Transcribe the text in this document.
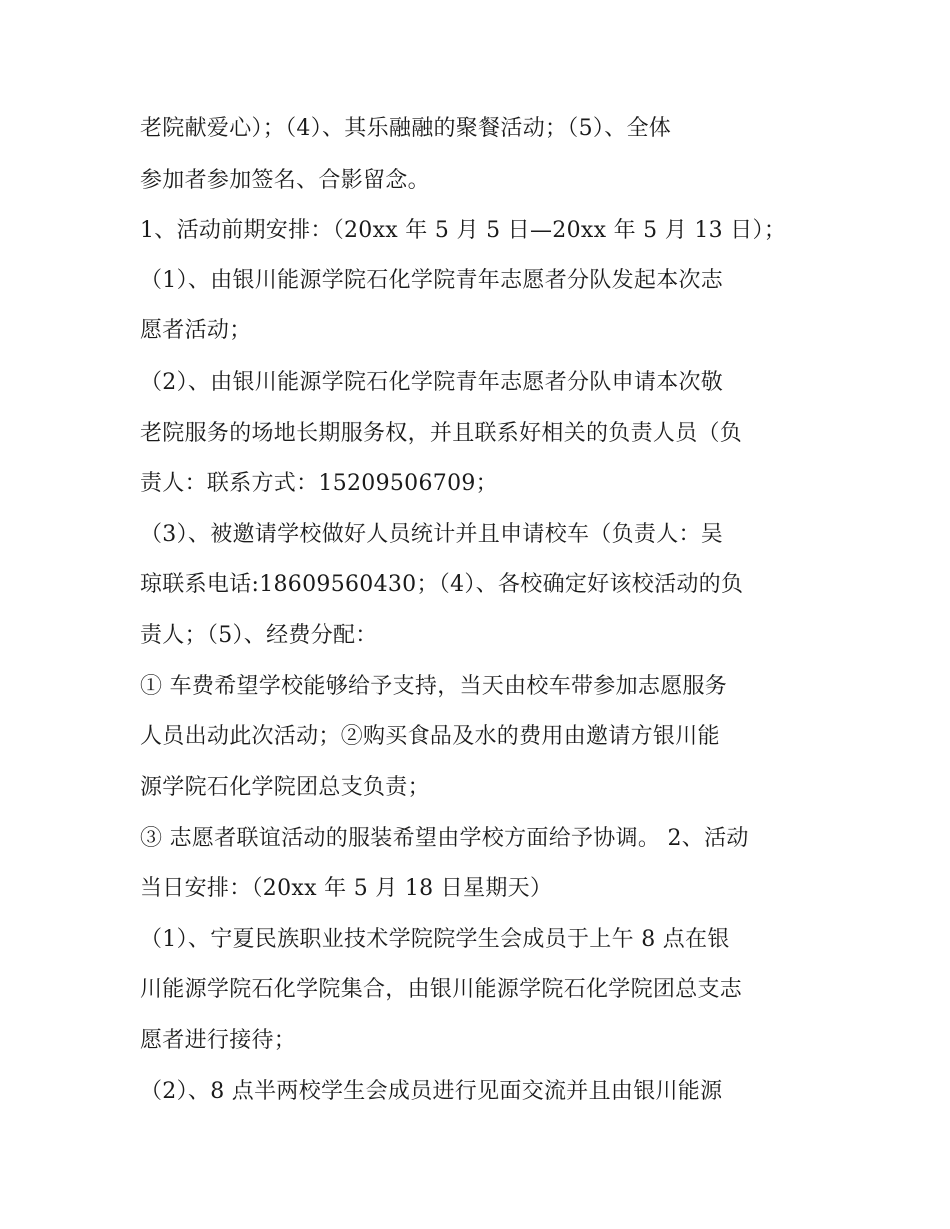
老院献爱心）；（4）、其乐融融的聚餐活动；（5）、全体
参加者参加签名、合影留念。
1、活动前期安排：（20xx 年 5 月 5 日—20xx 年 5 月 13 日）；
（1）、由银川能源学院石化学院青年志愿者分队发起本次志
愿者活动；
（2）、由银川能源学院石化学院青年志愿者分队申请本次敬
老院服务的场地长期服务权，并且联系好相关的负责人员（负
责人：联系方式：15209506709；
（3）、被邀请学校做好人员统计并且申请校车（负责人：吴
琼联系电话:18609560430；（4）、各校确定好该校活动的负
责人；（5）、经费分配：
① 车费希望学校能够给予支持，当天由校车带参加志愿服务
人员出动此次活动；②购买食品及水的费用由邀请方银川能
源学院石化学院团总支负责；
③ 志愿者联谊活动的服装希望由学校方面给予协调。 2、活动
当日安排：（20xx 年 5 月 18 日星期天）
（1）、宁夏民族职业技术学院院学生会成员于上午 8 点在银
川能源学院石化学院集合，由银川能源学院石化学院团总支志
愿者进行接待；
（2）、8 点半两校学生会成员进行见面交流并且由银川能源
